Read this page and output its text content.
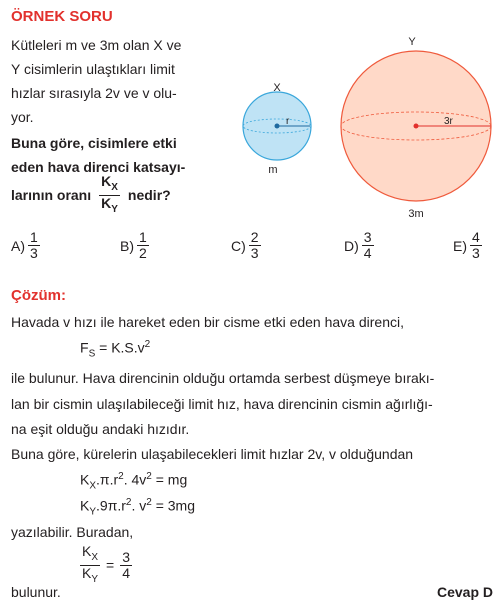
ÖRNEK SORU
Kütleleri m ve 3m olan X ve
Y cisimlerin ulaştıkları limit
hızlar sırasıyla 2v ve v olu-
yor.
Buna göre, cisimlere etki
eden hava direnci katsayı-
larının oranı $\frac{K_X}{K_Y}$ nedir?
X
r
m
Y
3r
3m
$A) \frac{1}{3}$	$B) \frac{1}{2}$	$C) \frac{2}{3}$	$D) \frac{3}{4}$	$E) \frac{4}{3}$
Çözüm:
Havada v hızı ile hareket eden bir cisme etki eden hava direnci,
$F_S = K.S.v^2$
ile bulunur. Hava direncinin olduğu ortamda serbest düşmeye bırakı-
lan bir cismin ulaşılabileceği limit hız, hava direncinin cismin ağırlığı-
na eşit olduğu andaki hızıdır.
Buna göre, kürelerin ulaşabilecekleri limit hızlar 2v, v olduğundan
$K_X.\pi.r^2$. $4v^2$ = mg
$K_Y.9\pi.r^2$. $v^2 = 3mg$
yazılabilir. Buradan,
$\frac{K_X}{K_Y} = \frac{3}{4}$
bulunur.	Cevap D
